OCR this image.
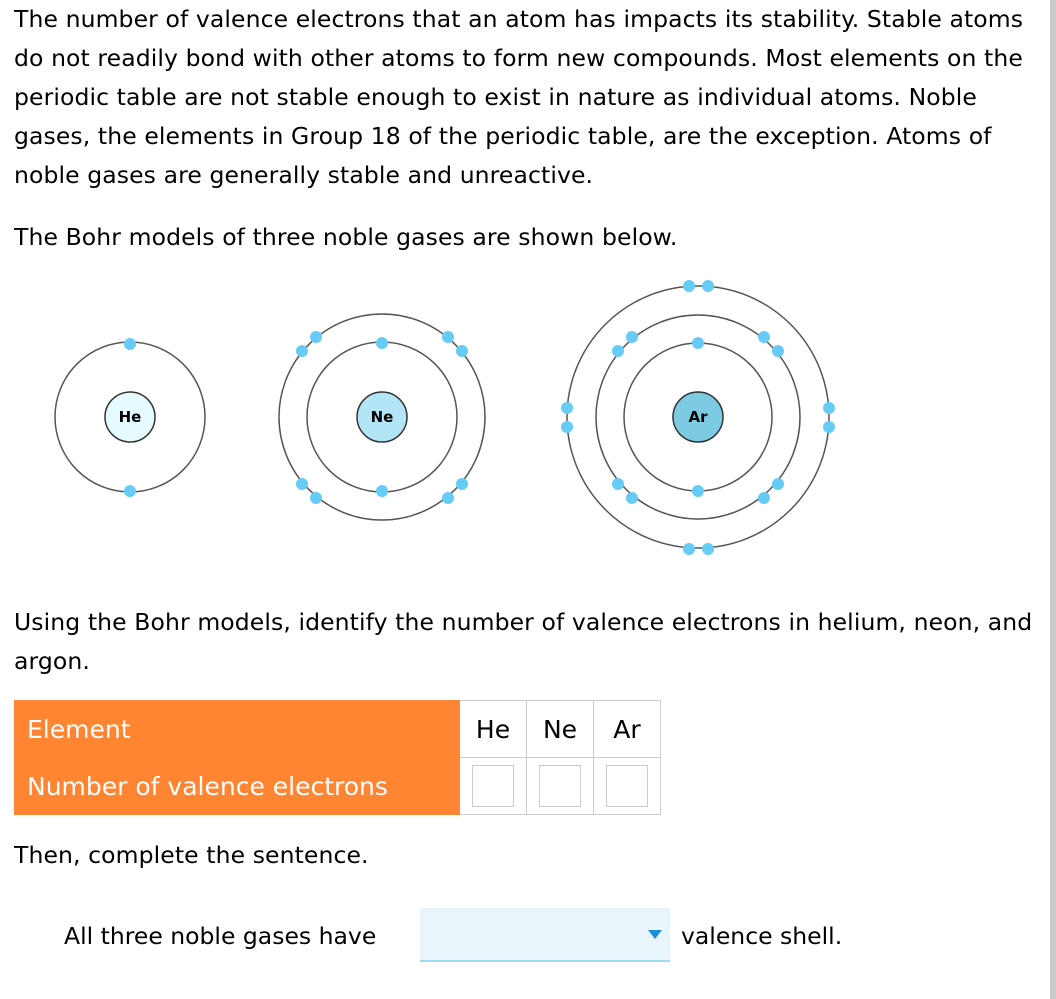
The number of valence electrons that an atom has impacts its stability. Stable atoms do not readily bond with other atoms to form new compounds. Most elements on the periodic table are not stable enough to exist in nature as individual atoms. Noble gases, the elements in Group 18 of the periodic table, are the exception. Atoms of noble gases are generally stable and unreactive.

The Bohr models of three noble gases are shown below.

He	Ne	Ar

Using the Bohr models, identify the number of valence electrons in helium, neon, and argon.

Element	He	Ne	Ar
Number of valence electrons			

Then, complete the sentence.

All three noble gases have	valence shell.
